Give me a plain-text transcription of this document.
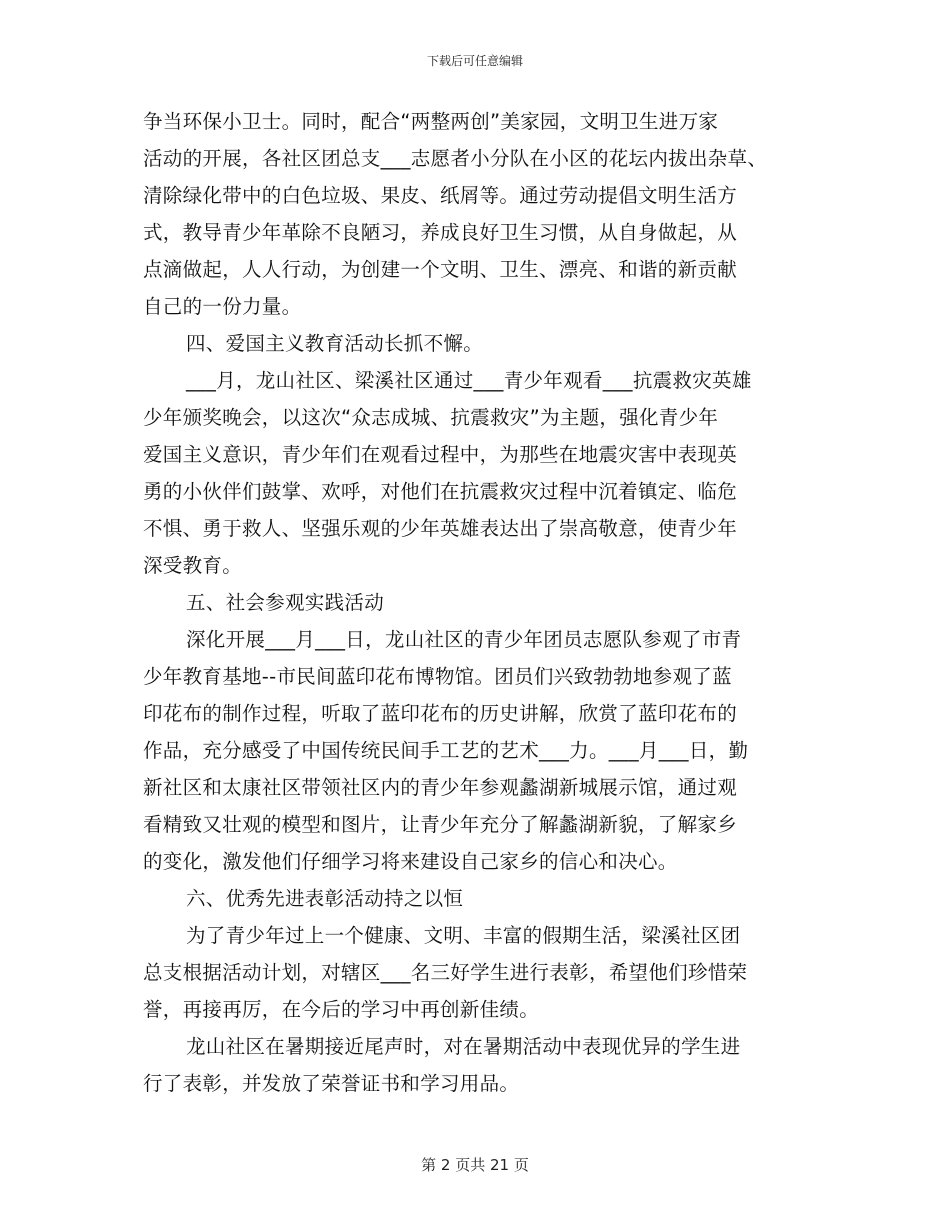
下载后可任意编辑
争当环保小卫士。同时，配合“两整两创”美家园，文明卫生进万家
活动的开展，各社区团总支___志愿者小分队在小区的花坛内拔出杂草、
清除绿化带中的白色垃圾、果皮、纸屑等。通过劳动提倡文明生活方
式，教导青少年革除不良陋习，养成良好卫生习惯，从自身做起，从
点滴做起，人人行动，为创建一个文明、卫生、漂亮、和谐的新贡献
自己的一份力量。
四、爱国主义教育活动长抓不懈。
___月，龙山社区、梁溪社区通过___青少年观看___抗震救灾英雄
少年颁奖晚会，以这次“众志成城、抗震救灾”为主题，强化青少年
爱国主义意识，青少年们在观看过程中，为那些在地震灾害中表现英
勇的小伙伴们鼓掌、欢呼，对他们在抗震救灾过程中沉着镇定、临危
不惧、勇于救人、坚强乐观的少年英雄表达出了崇高敬意，使青少年
深受教育。
五、社会参观实践活动
深化开展___月___日，龙山社区的青少年团员志愿队参观了市青
少年教育基地--市民间蓝印花布博物馆。团员们兴致勃勃地参观了蓝
印花布的制作过程，听取了蓝印花布的历史讲解，欣赏了蓝印花布的
作品，充分感受了中国传统民间手工艺的艺术___力。___月___日，勤
新社区和太康社区带领社区内的青少年参观蠡湖新城展示馆，通过观
看精致又壮观的模型和图片，让青少年充分了解蠡湖新貌，了解家乡
的变化，激发他们仔细学习将来建设自己家乡的信心和决心。
六、优秀先进表彰活动持之以恒
为了青少年过上一个健康、文明、丰富的假期生活，梁溪社区团
总支根据活动计划，对辖区___名三好学生进行表彰，希望他们珍惜荣
誉，再接再厉，在今后的学习中再创新佳绩。
龙山社区在暑期接近尾声时，对在暑期活动中表现优异的学生进
行了表彰，并发放了荣誉证书和学习用品。
第 2 页共 21 页
